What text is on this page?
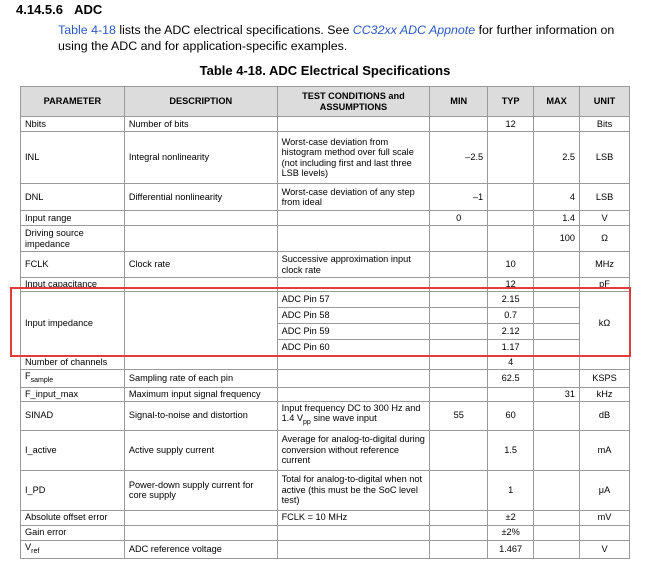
4.14.5.6 ADC
Table 4-18 lists the ADC electrical specifications. See CC32xx ADC Appnote for further information on using the ADC and for application-specific examples.
Table 4-18. ADC Electrical Specifications
PARAMETER	DESCRIPTION	TEST CONDITIONS and ASSUMPTIONS	MIN	TYP	MAX	UNIT
Nbits	Number of bits			12		Bits
INL	Integral nonlinearity	Worst-case deviation from histogram method over full scale (not including first and last three LSB levels)	–2.5		2.5	LSB
DNL	Differential nonlinearity	Worst-case deviation of any step from ideal	–1		4	LSB
Input range			0		1.4	V
Driving source impedance					100	Ω
FCLK	Clock rate	Successive approximation input clock rate		10		MHz
Input capacitance				12		pF
Input impedance		ADC Pin 57		2.15		kΩ
		ADC Pin 58		0.7		
		ADC Pin 59		2.12		
		ADC Pin 60		1.17		
Number of channels				4		
$F_{sample}$	Sampling rate of each pin			62.5		KSPS
F_input_max	Maximum input signal frequency				31	kHz
SINAD	Signal-to-noise and distortion	Input frequency DC to 300 Hz and 1.4 $V_{pp}$ sine wave input	55	60		dB
I_active	Active supply current	Average for analog-to-digital during conversion without reference current		1.5		mA
I_PD	Power-down supply current for core supply	Total for analog-to-digital when not active (this must be the SoC level test)		1		μA
Absolute offset error		FCLK = 10 MHz		±2		mV
Gain error				±2%		
$V_{ref}$	ADC reference voltage			1.467		V
